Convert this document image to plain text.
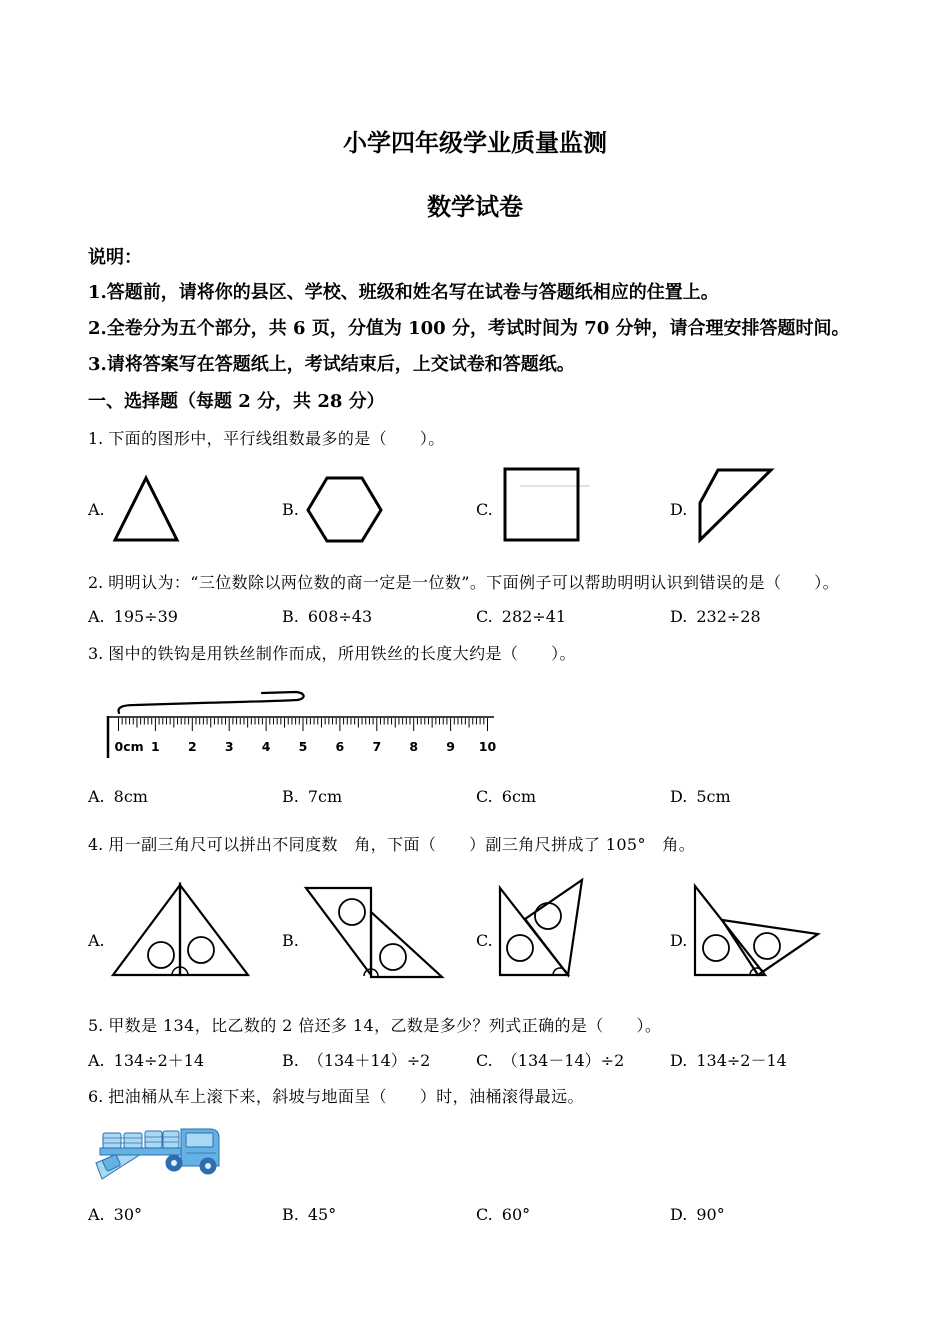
0cm 1 2 3 4 5 6 7 8 9 10
小学四年级学业质量监测
数学试卷
说明：
1.答题前，请将你的县区、学校、班级和姓名写在试卷与答题纸相应的住置上。
2.全卷分为五个部分，共 6 页，分值为 100 分，考试时间为 70 分钟，请合理安排答题时间。
3.请将答案写在答题纸上，考试结束后，上交试卷和答题纸。
一、选择题（每题 2 分，共 28 分）
1. 下面的图形中，平行线组数最多的是（　　）。
A.	B.	C.	D.
2. 明明认为：“三位数除以两位数的商一定是一位数”。下面例子可以帮助明明认识到错误的是（　　）。
A. 195÷39	B. 608÷43	C. 282÷41	D. 232÷28
3. 图中的铁钩是用铁丝制作而成，所用铁丝的长度大约是（　　）。
A. 8cm	B. 7cm	C. 6cm	D. 5cm
4. 用一副三角尺可以拼出不同度数　角，下面（　　）副三角尺拼成了 105°　角。
A.	B.	C.	D.
5. 甲数是 134，比乙数的 2 倍还多 14，乙数是多少？列式正确的是（　　）。
A. 134÷2＋14	B. （134＋14）÷2	C. （134－14）÷2	D. 134÷2－14
6. 把油桶从车上滚下来，斜坡与地面呈（　　）时，油桶滚得最远。
A. 30°	B. 45°	C. 60°	D. 90°
